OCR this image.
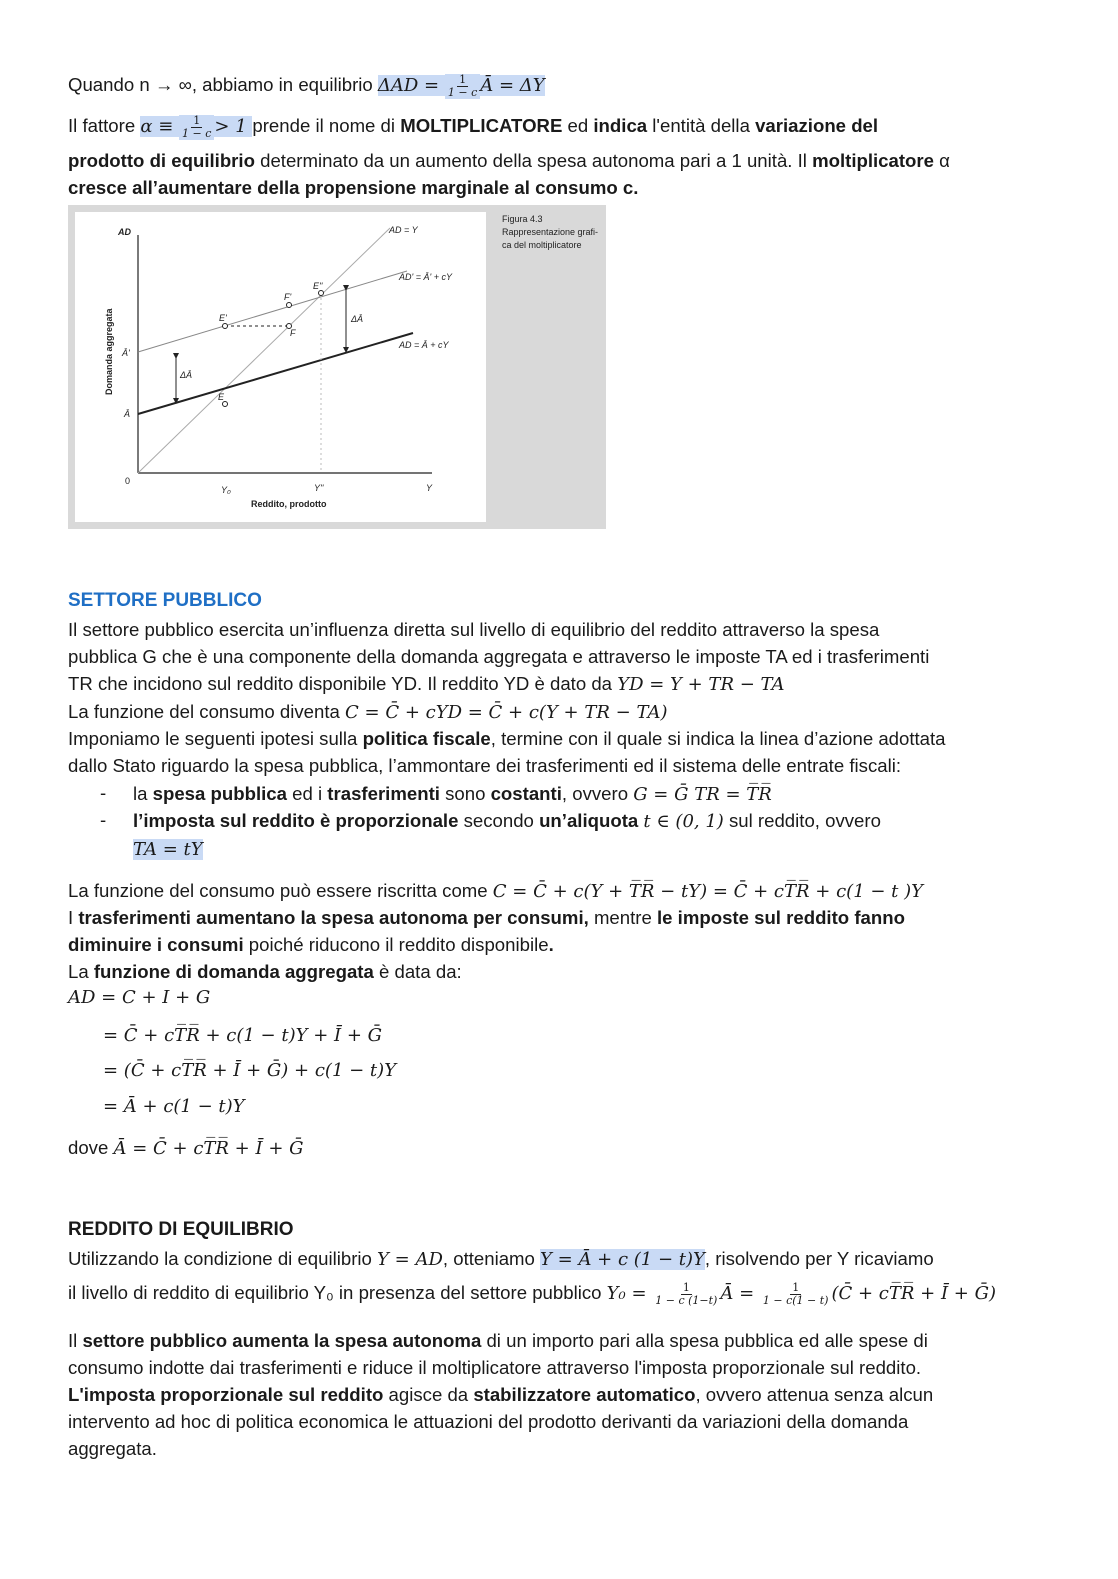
Quando n → ∞, abbiamo in equilibrio $\Delta AD = \frac{1}{1 - c}$ Ā = ΔY
Il fattore $\alpha \equiv \frac{1}{1 - c} > 1$ prende il nome di MOLTIPLICATORE ed indica l'entità della variazione del
prodotto di equilibrio determinato da un aumento della spesa autonoma pari a 1 unità. Il moltiplicatore α
cresce all’aumentare della propensione marginale al consumo c.
AD
Domanda aggregata Ā'
Ā
0
Y₀	Y''	Y
Reddito, prodotto
AD = Y
AD' = Ā' + cY
AD = Ā + cY
E
E'
F
F'
E''
ΔĀ
ΔĀ
Figura 4.3
Rappresentazione grafi-
ca del moltiplicatore
SETTORE PUBBLICO
Il settore pubblico esercita un’influenza diretta sul livello di equilibrio del reddito attraverso la spesa
pubblica G che è una componente della domanda aggregata e attraverso le imposte TA ed i trasferimenti
TR che incidono sul reddito disponibile YD. Il reddito YD è dato da YD = Y + TR − TA
La funzione del consumo diventa C = C̄ + cYD = C̄ + c(Y + TR − TA)
Imponiamo le seguenti ipotesi sulla politica fiscale, termine con il quale si indica la linea d’azione adottata
dallo Stato riguardo la spesa pubblica, l’ammontare dei trasferimenti ed il sistema delle entrate fiscali:
- la spesa pubblica ed i trasferimenti sono costanti, ovvero G = Ḡ TR = T̅R̅
- l’imposta sul reddito è proporzionale secondo un’aliquota t ∈ (0, 1) sul reddito, ovvero
TA = tY
La funzione del consumo può essere riscritta come C = C̄ + c(Y + T̅R̅ − tY) = C̄ + cT̅R̅ + c(1 − t )Y
I trasferimenti aumentano la spesa autonoma per consumi, mentre le imposte sul reddito fanno
diminuire i consumi poiché riducono il reddito disponibile.
La funzione di domanda aggregata è data da:
AD = C + I + G
= C̄ + cT̅R̅ + c(1 − t)Y + Ī + Ḡ
= (C̄ + cT̅R̅ + Ī + Ḡ) + c(1 − t)Y
= Ā + c(1 − t)Y
dove Ā = C̄ + cT̅R̅ + Ī + Ḡ
REDDITO DI EQUILIBRIO
Utilizzando la condizione di equilibrio Y = AD, otteniamo Y = Ā + c (1 − t)Y, risolvendo per Y ricaviamo
il livello di reddito di equilibrio Y₀ in presenza del settore pubblico $Y_0 = \frac{1}{1 - c (1-t)}$ Ā = $\frac{1}{1 - c(1 - t)}$ (C̄ + cT̅R̅ + Ī + Ḡ)
Il settore pubblico aumenta la spesa autonoma di un importo pari alla spesa pubblica ed alle spese di
consumo indotte dai trasferimenti e riduce il moltiplicatore attraverso l'imposta proporzionale sul reddito.
L'imposta proporzionale sul reddito agisce da stabilizzatore automatico, ovvero attenua senza alcun
intervento ad hoc di politica economica le attuazioni del prodotto derivanti da variazioni della domanda
aggregata.
